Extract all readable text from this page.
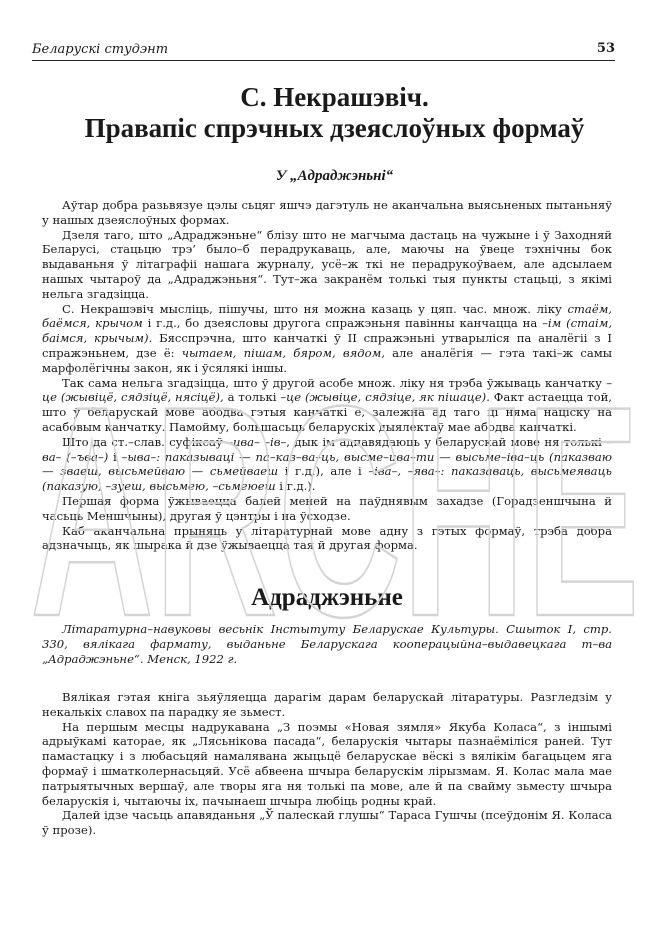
Беларускі студэнт	53
С. Некрашэвіч.
Правапіс спрэчных дзеяслоўных формаў

У „Адраджэньні“

Аўтар добра разьвязуе цэлы сьцяг яшчэ дагэтуль не аканчальна выясьненых пытаньняў у нашых дзеяслоўных формах.

Дзеля таго, што „Адраджэньне“ блізу што не магчыма дастаць на чужыне і ў Заходняй Беларусі, стацьцю трэ’ было–б перадрукаваць, але, маючы на ўвеце тэхнічны бок выдаваньня ў літаграфіі нашага журналу, усё–ж ткі не перадрукоўваем, але адсылаем нашых чытароў да „Адраджэньня“. Тут–жа закранём толькі тыя пункты стацьці, з якімі нельга згадзіцца.

С. Некрашэвіч мысліць, пішучы, што ня можна казаць у цяп. час. множ. ліку стаём, баёмся, крычом і г.д., бо дзеясловы другога спражэньня павінны канчацца на –ім (стаім, баімся, крычым). Бясспрэчна, што канчаткі ў II спражэньні утварыліся па аналёгіі з I спражэньнем, дзе ё: чытаем, пішам, бяром, вядом, але аналёгія — гэта такі–ж самы марфолёгічны закон, як і ўсялякі іншы.

Так сама нельга згадзіцца, што ў другой асобе множ. ліку ня трэба ўжываць канчатку –це (жывіцё, сядзіцё, нясіцё), а толькі –це (жывіце, сядзіце, як пішаце). Факт астаецца той, што ў беларускай мове абодва гэтыя канчаткі ё, залежна ад таго ці няма націску на асабовым канчатку. Памойму, большасьць беларускіх дыялектаў мае абодва канчаткі.

Што да ст.–слав. суфіксаў –ива– –ів–, дык ім адпавядаюць у беларускай мове ня толькі –ва– (–ъва–) і –ыва–: паказываці — па–каз–ва–ць, высме–ива–ти — высьме–іва–ць (паказваю — зваеш, высьмейваю — сьмейваеш і г.д.), але і –іва–, –ява–: паказаваць, высьмеяваць (паказую, –зуеш, высьмею, –сьмеюеш і г.д.).

Першая форма ўжываецца балей меней на паўднявым захадзе (Горадзеншчына й часьць Меншчыны), другая ў цэнтры і на ўсходзе.

Каб аканчальна прыняць у літаратурнай мове адну з гэтых формаў, трэба добра адзначыць, як шырака й дзе ўжываецца тая й другая форма.

Адраджэньне

Літаратурна–навуковы весьнік Інстытуту Беларускае Культуры. Сшыток I, стр. 330, вялікага фармату, выданьне Беларускага кооперацыйна–выдавецкага т–ва „Адраджэньне“. Менск, 1922 г.

Вялікая гэтая кніга зьяўляецца дарагім дарам беларускай літаратуры. Разгледзім у некалькіх славох па парадку яе зьмест.

На першым месцы надрукавана „З поэмы «Новая зямля» Якуба Коласа“, з іншымі адрыўкамі каторае, як „Лясьнікова пасада“, беларускія чытары пазнаёміліся раней. Тут памастацку і з любасьцяй намалявана жыцьцё беларускае вёскі з вялікім багацьцем яга формаў і шматколернасьцяй. Усё абвеена шчыра беларускім лірызмам. Я. Колас мала мае патрыятычных вершаў, але творы яга ня толькі па мове, але й па свайму зьместу шчыра беларускія і, чытаючы іх, пачынаеш шчыра любіць родны край.

Далей ідзе часьць апавяданьня „Ў палескай глушы“ Тараса Гушчы (псеўдонім Я. Коласа ў прозе).

ARCHE
